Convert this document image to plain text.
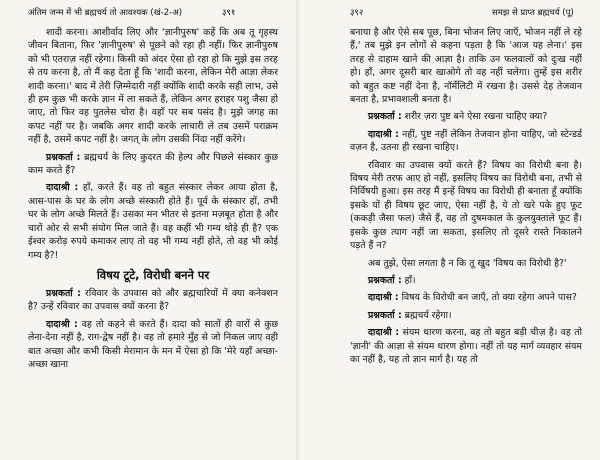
अंतिम जन्म में भी ब्रह्मचर्य तो आवश्यक (खं-2-अ)	३९१

शादी करना। आशीर्वाद लिए और 'ज्ञानीपुरुष' कहें कि अब तू गृहस्थ जीवन बिताना, फिर 'ज्ञानीपुरुष' से पूछने को रहा ही नहीं। फिर ज्ञानीपुरुष को भी एतराज़ नहीं रहेगा। किसी को अंदर ऐसा हो रहा हो कि मुझे इस तरह से तय करना है, तो मैं कह देता हूँ कि 'शादी करना, लेकिन मेरी आज्ञा लेकर शादी करना।' बाद में तेरी ज़िम्मेदारी नहीं क्योंकि शादी करके सही लाभ, उसे ही हम कुछ भी करके ज्ञान में ला सकते हैं, लेकिन अगर हराहर पशु जैसा हो जाए, तो फिर वह पुतलेस चोरा है। वहाँ पर सब पसंद है। मुझे जगह का कपट नहीं पर है। जबकि अगर शादी करके लाचारी ले तब उसमें पराक्रम नहीं है, उसमें कपट नहीं है। जगत् के लोग उसकी निंदा नहीं करेंगे।

प्रश्नकर्ता : ब्रह्मचर्य के लिए कुदरत की हेल्प और पिछले संस्कार कुछ काम करते हैं?

दादाश्री : हाँ, करते हैं। वह तो बहुत संस्कार लेकर आया होता है, आस-पास के घर के लोग अच्छे संस्कारी होते हैं। पूर्व के संस्कार हों, तभी घर के लोग अच्छे मिलते हैं। उसका मन भीतर से इतना मज़बूत होता है और चारों ओर से सभी संयोग मिल जाते हैं। वह कहीं भी गम्य थोड़े ही है? एक ईश्वर करोड़ रुपये कमाकर लाए तो वह भी गम्य नहीं होते, तो वह भी कोई गम्य है?!

विषय टूटे, विरोधी बनने पर

प्रश्नकर्ता : रविवार के उपवास को और ब्रह्मचारियों में क्या कनेक्शन है? उन्हें रविवार का उपवास क्यों करना है?

दादाश्री : वह तो कहने से करते हैं। दादा को सातों ही वारों से कुछ लेना-देना नहीं है, राग-द्वेष नहीं है। वह तो हमारे मुँह से जो निकल जाए वही बात अच्छा और कभी किसी मेरामान के मन में ऐसा हो कि 'मेरे यहाँ अच्छा-अच्छा खाना

३९२	समझ से प्राप्त ब्रह्मचर्य (पू)

बनाया है और ऐसे सब पूछ, बिना भोजन लिए जाएँ, भोजन नहीं ले रहे हैं,' तब मुझे इन लोगों से कहना पड़ता है कि 'आज यह लेना।' इस तरह से दाहाम खाने की आज्ञा है। ताकि उन फलवालों को दुःख नहीं हो। हाँ, अगर दूसरी बार खाओगे तो वह नहीं चलेगा। तुम्हें इस शरीर को बहुत कष्ट नहीं देना है, नॉर्मेलिटी में रखना है। उससे देह तेजवान बनता है, प्रभावशाली बनता है।

प्रश्नकर्ता : शरीर ज़रा पुष्ट बने ऐसा रखना चाहिए क्या?

दादाश्री : नहीं, पुष्ट नहीं लेकिन तेजवान होना चाहिए, जो स्टेन्डर्ड वज़न है, उतना ही रखना चाहिए।

रविवार का उपवास क्यों करते हैं? विषय का विरोधी बना है। विषय मेरी तरफ आए हो नहीं, इसलिए विषय का विरोधी बना, तभी से निर्विषयी हुआ। इस तरह मैं इन्हें विषय का विरोधी ही बनाता हूँ क्योंकि इसके यों ही विषय छूट जाए, ऐसा नहीं है, ये तो खरे पके हुए फूट (ककड़ी जैसा फल) जैसे हैं, वह तो दुषमकाल के कुलयुक्ताले फूट हैं। इसके कुछ त्याग नहीं जा सकता, इसलिए तो दूसरे रास्ते निकालने पड़ते हैं न?

अब तुझे, ऐसा लगता है न कि तू खुद 'विषय का विरोधी है?'

प्रश्नकर्ता : हाँ।

दादाश्री : विषय के विरोधी बन जाएँ, तो क्या रहेगा अपने पास?

प्रश्नकर्ता : ब्रह्मचर्य रहेगा।

दादाश्री : संयम धारण करना, वह तो बहुत बड़ी चीज़ है। वह तो 'ज्ञानी' की आज्ञा से संयम धारण होगा। नहीं तो यह मार्ग व्यवहार संयम का नहीं है, यह तो ज्ञान मार्ग है। यह तो
